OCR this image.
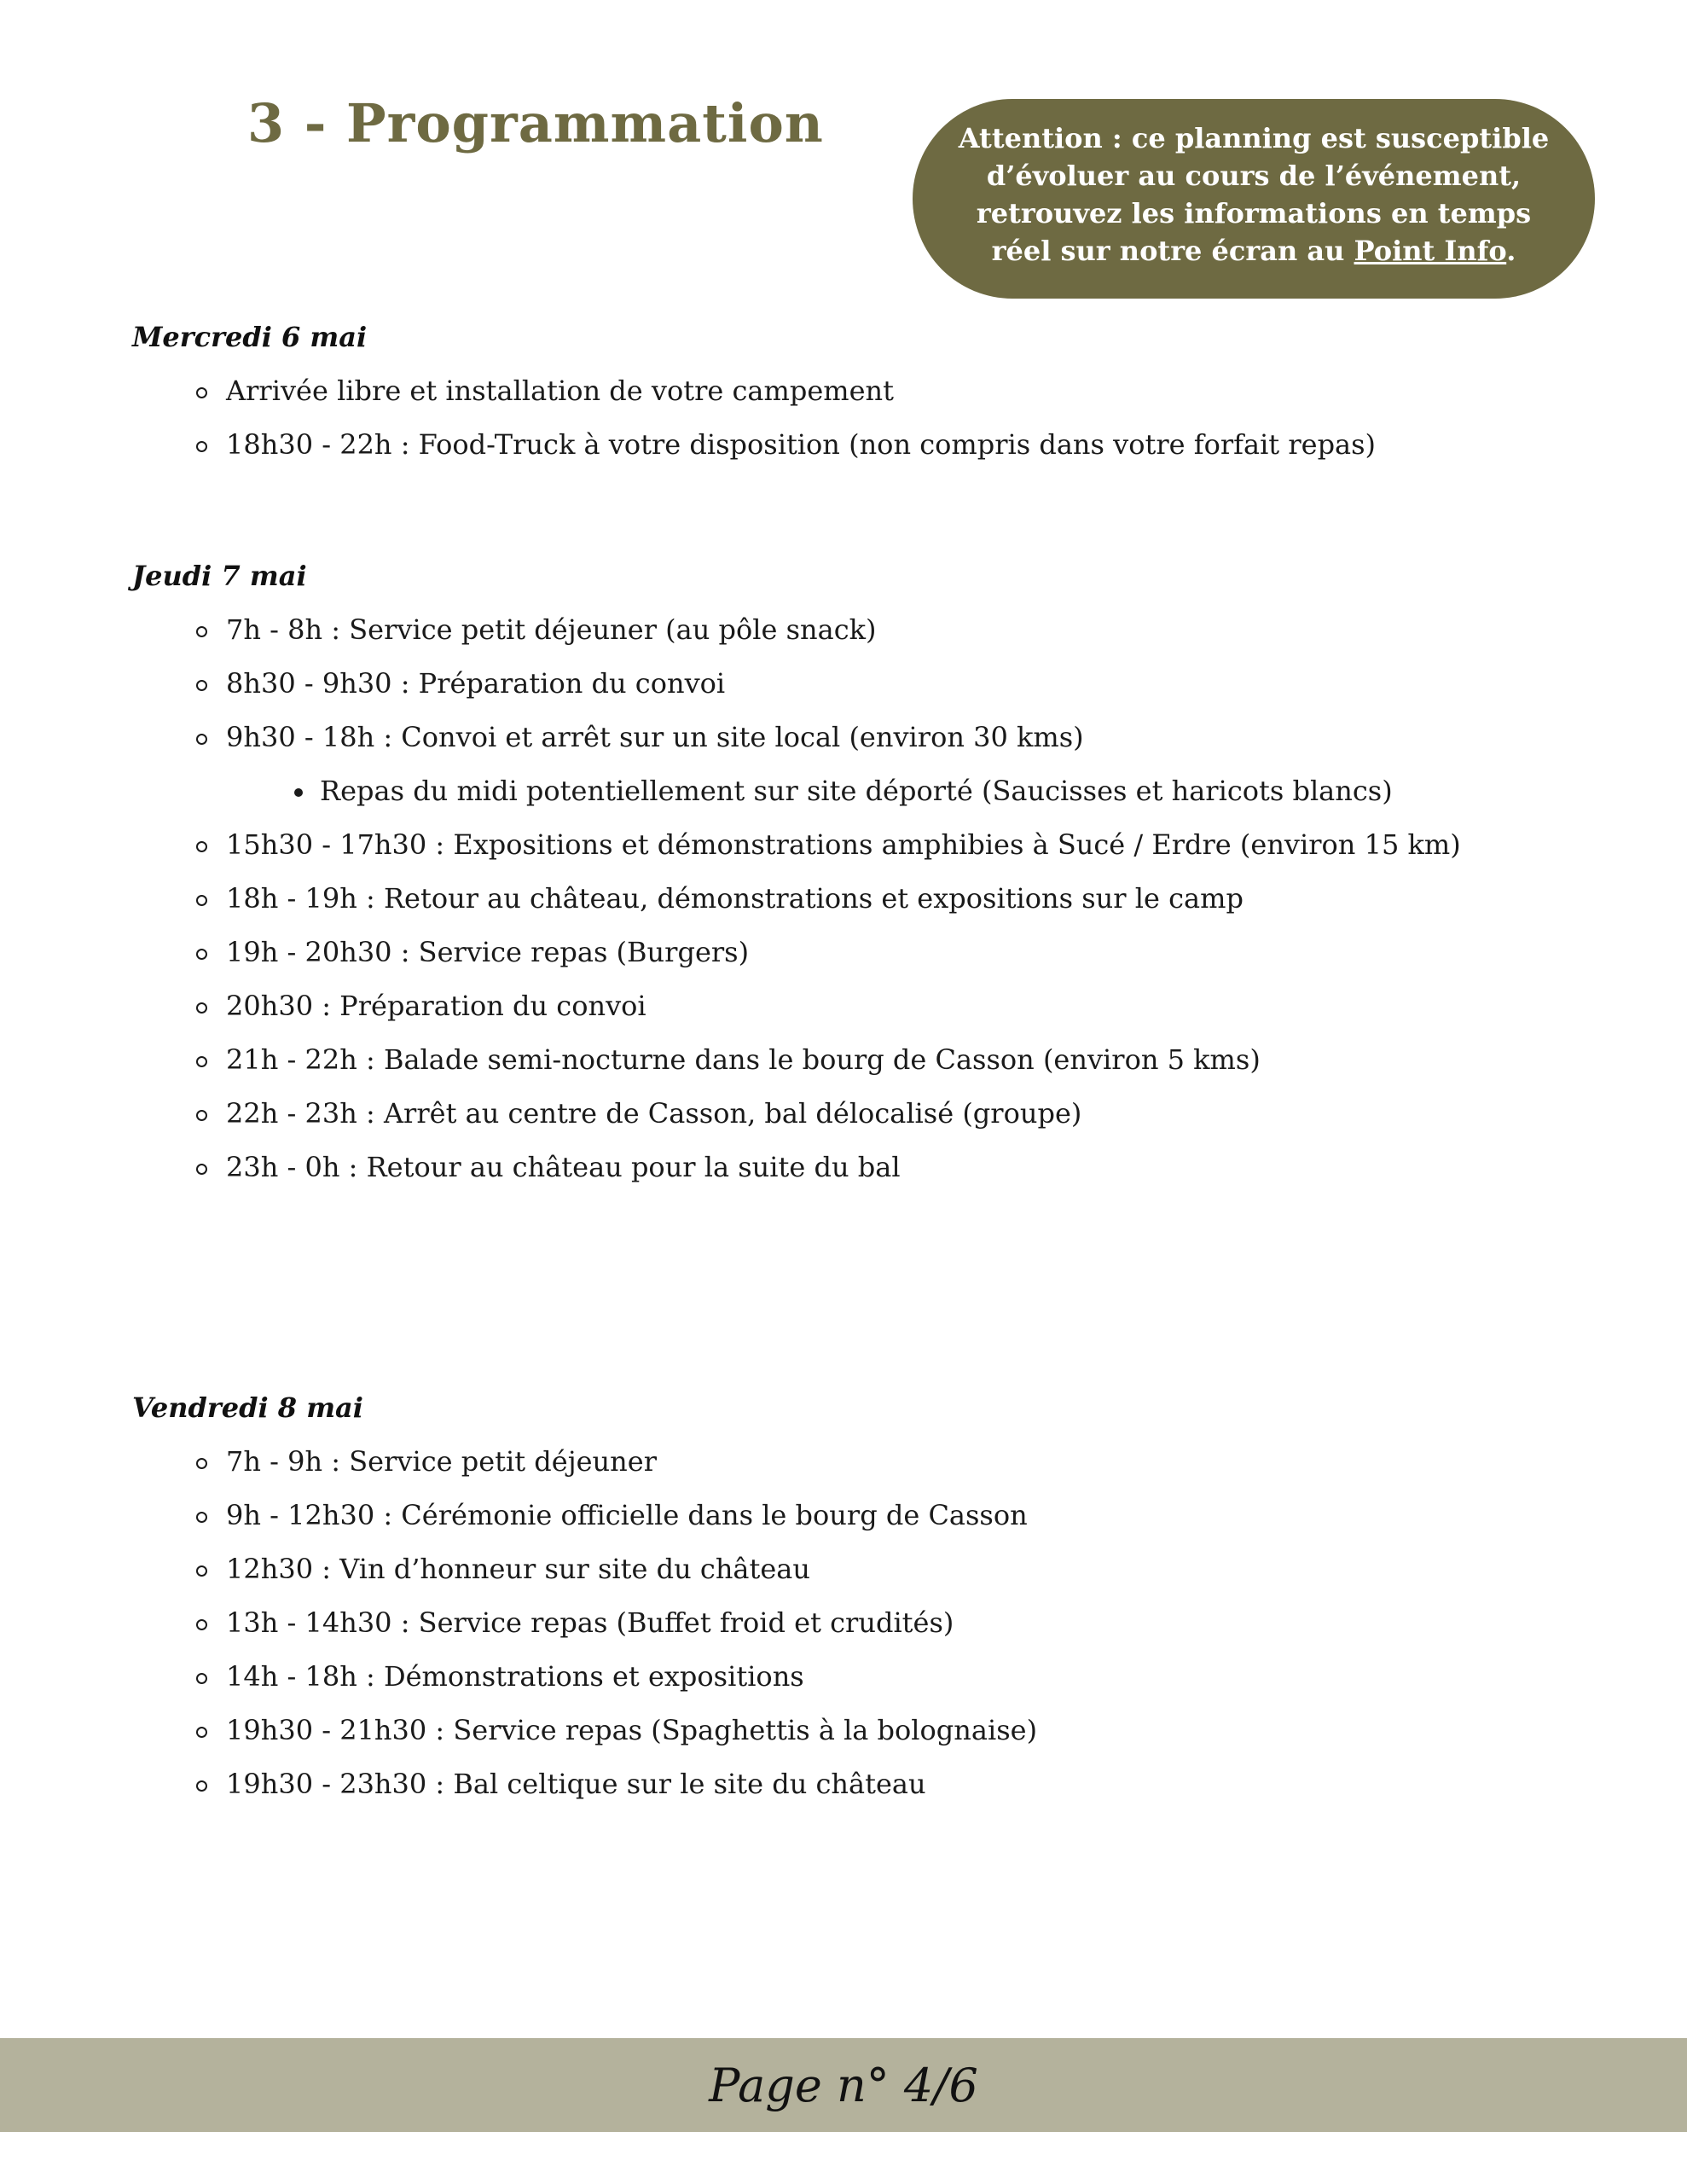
3 - Programmation	Attention : ce planning est susceptible d’évoluer au cours de l’événement, retrouvez les informations en temps réel sur notre écran au Point Info.
Mercredi 6 mai
Arrivée libre et installation de votre campement
18h30 - 22h : Food-Truck à votre disposition (non compris dans votre forfait repas)
Jeudi 7 mai
7h - 8h : Service petit déjeuner (au pôle snack)
8h30 - 9h30 : Préparation du convoi
9h30 - 18h : Convoi et arrêt sur un site local (environ 30 kms)
Repas du midi potentiellement sur site déporté (Saucisses et haricots blancs)
15h30 - 17h30 : Expositions et démonstrations amphibies à Sucé / Erdre (environ 15 km)
18h - 19h : Retour au château, démonstrations et expositions sur le camp
19h - 20h30 : Service repas (Burgers)
20h30 : Préparation du convoi
21h - 22h : Balade semi-nocturne dans le bourg de Casson (environ 5 kms)
22h - 23h : Arrêt au centre de Casson, bal délocalisé (groupe)
23h - 0h : Retour au château pour la suite du bal
Vendredi 8 mai
7h - 9h : Service petit déjeuner
9h - 12h30 : Cérémonie officielle dans le bourg de Casson
12h30 : Vin d’honneur sur site du château
13h - 14h30 : Service repas (Buffet froid et crudités)
14h - 18h : Démonstrations et expositions
19h30 - 21h30 : Service repas (Spaghettis à la bolognaise)
19h30 - 23h30 : Bal celtique sur le site du château
Page n° 4/6
